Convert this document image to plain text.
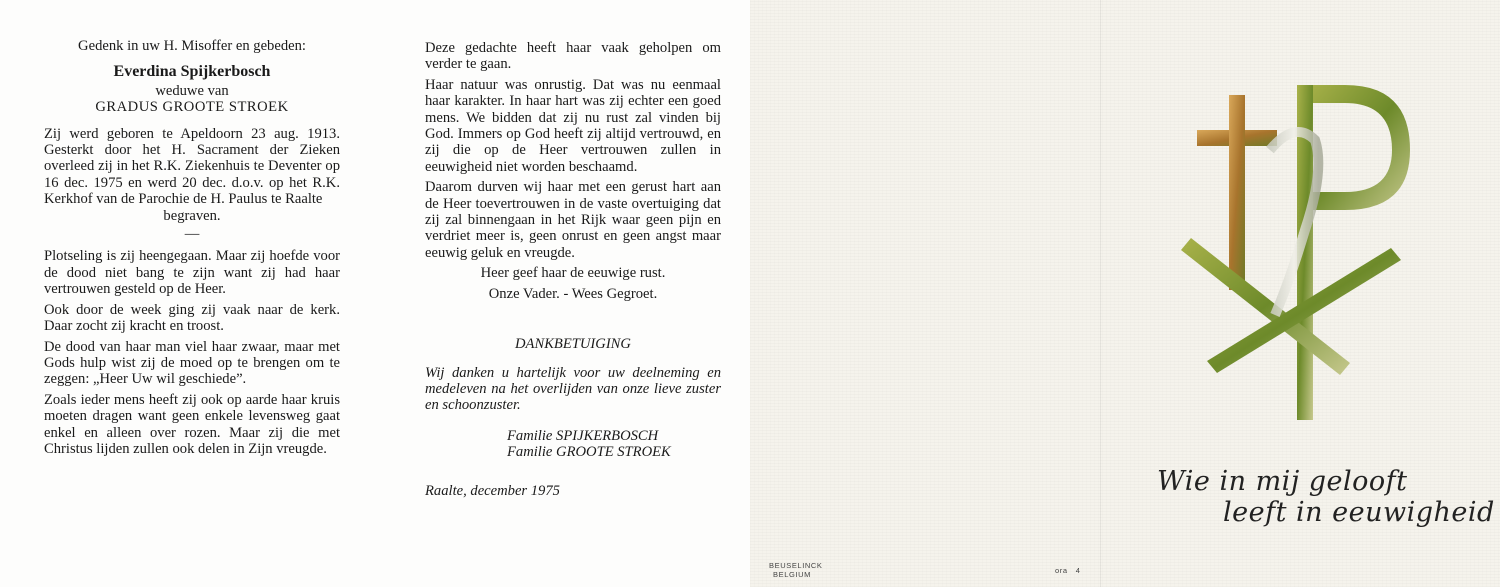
Gedenk in uw H. Misoffer en gebeden:
Everdina Spijkerbosch
weduwe van
GRADUS GROOTE STROEK
Zij werd geboren te Apeldoorn 23 aug. 1913. Gesterkt door het H. Sacrament der Zieken overleed zij in het R.K. Ziekenhuis te Deventer op 16 dec. 1975 en werd 20 dec. d.o.v. op het R.K. Kerkhof van de Parochie de H. Paulus te Raalte
begraven.
—
Plotseling is zij heengegaan. Maar zij hoefde voor de dood niet bang te zijn want zij had haar vertrouwen gesteld op de Heer.
Ook door de week ging zij vaak naar de kerk. Daar zocht zij kracht en troost.
De dood van haar man viel haar zwaar, maar met Gods hulp wist zij de moed op te brengen om te zeggen: „Heer Uw wil geschiede”.
Zoals ieder mens heeft zij ook op aarde haar kruis moeten dragen want geen enkele levensweg gaat enkel en alleen over rozen. Maar zij die met Christus lijden zullen ook delen in Zijn vreugde.
Deze gedachte heeft haar vaak geholpen om verder te gaan.
Haar natuur was onrustig. Dat was nu eenmaal haar karakter. In haar hart was zij echter een goed mens. We bidden dat zij nu rust zal vinden bij God. Immers op God heeft zij altijd vertrouwd, en zij die op de Heer vertrouwen zullen in eeuwigheid niet worden beschaamd.
Daarom durven wij haar met een gerust hart aan de Heer toevertrouwen in de vaste overtuiging dat zij zal binnengaan in het Rijk waar geen pijn en verdriet meer is, geen onrust en geen angst maar eeuwig geluk en vreugde.
Heer geef haar de eeuwige rust.
Onze Vader. - Wees Gegroet.
DANKBETUIGING
Wij danken u hartelijk voor uw deelneming en medeleven na het overlijden van onze lieve zuster en schoonzuster.
Familie SPIJKERBOSCH
Familie GROOTE STROEK
Raalte, december 1975	Wie in mij gelooft
leeft in eeuwigheid
BEUSELINCK
BELGIUM	ora   4
